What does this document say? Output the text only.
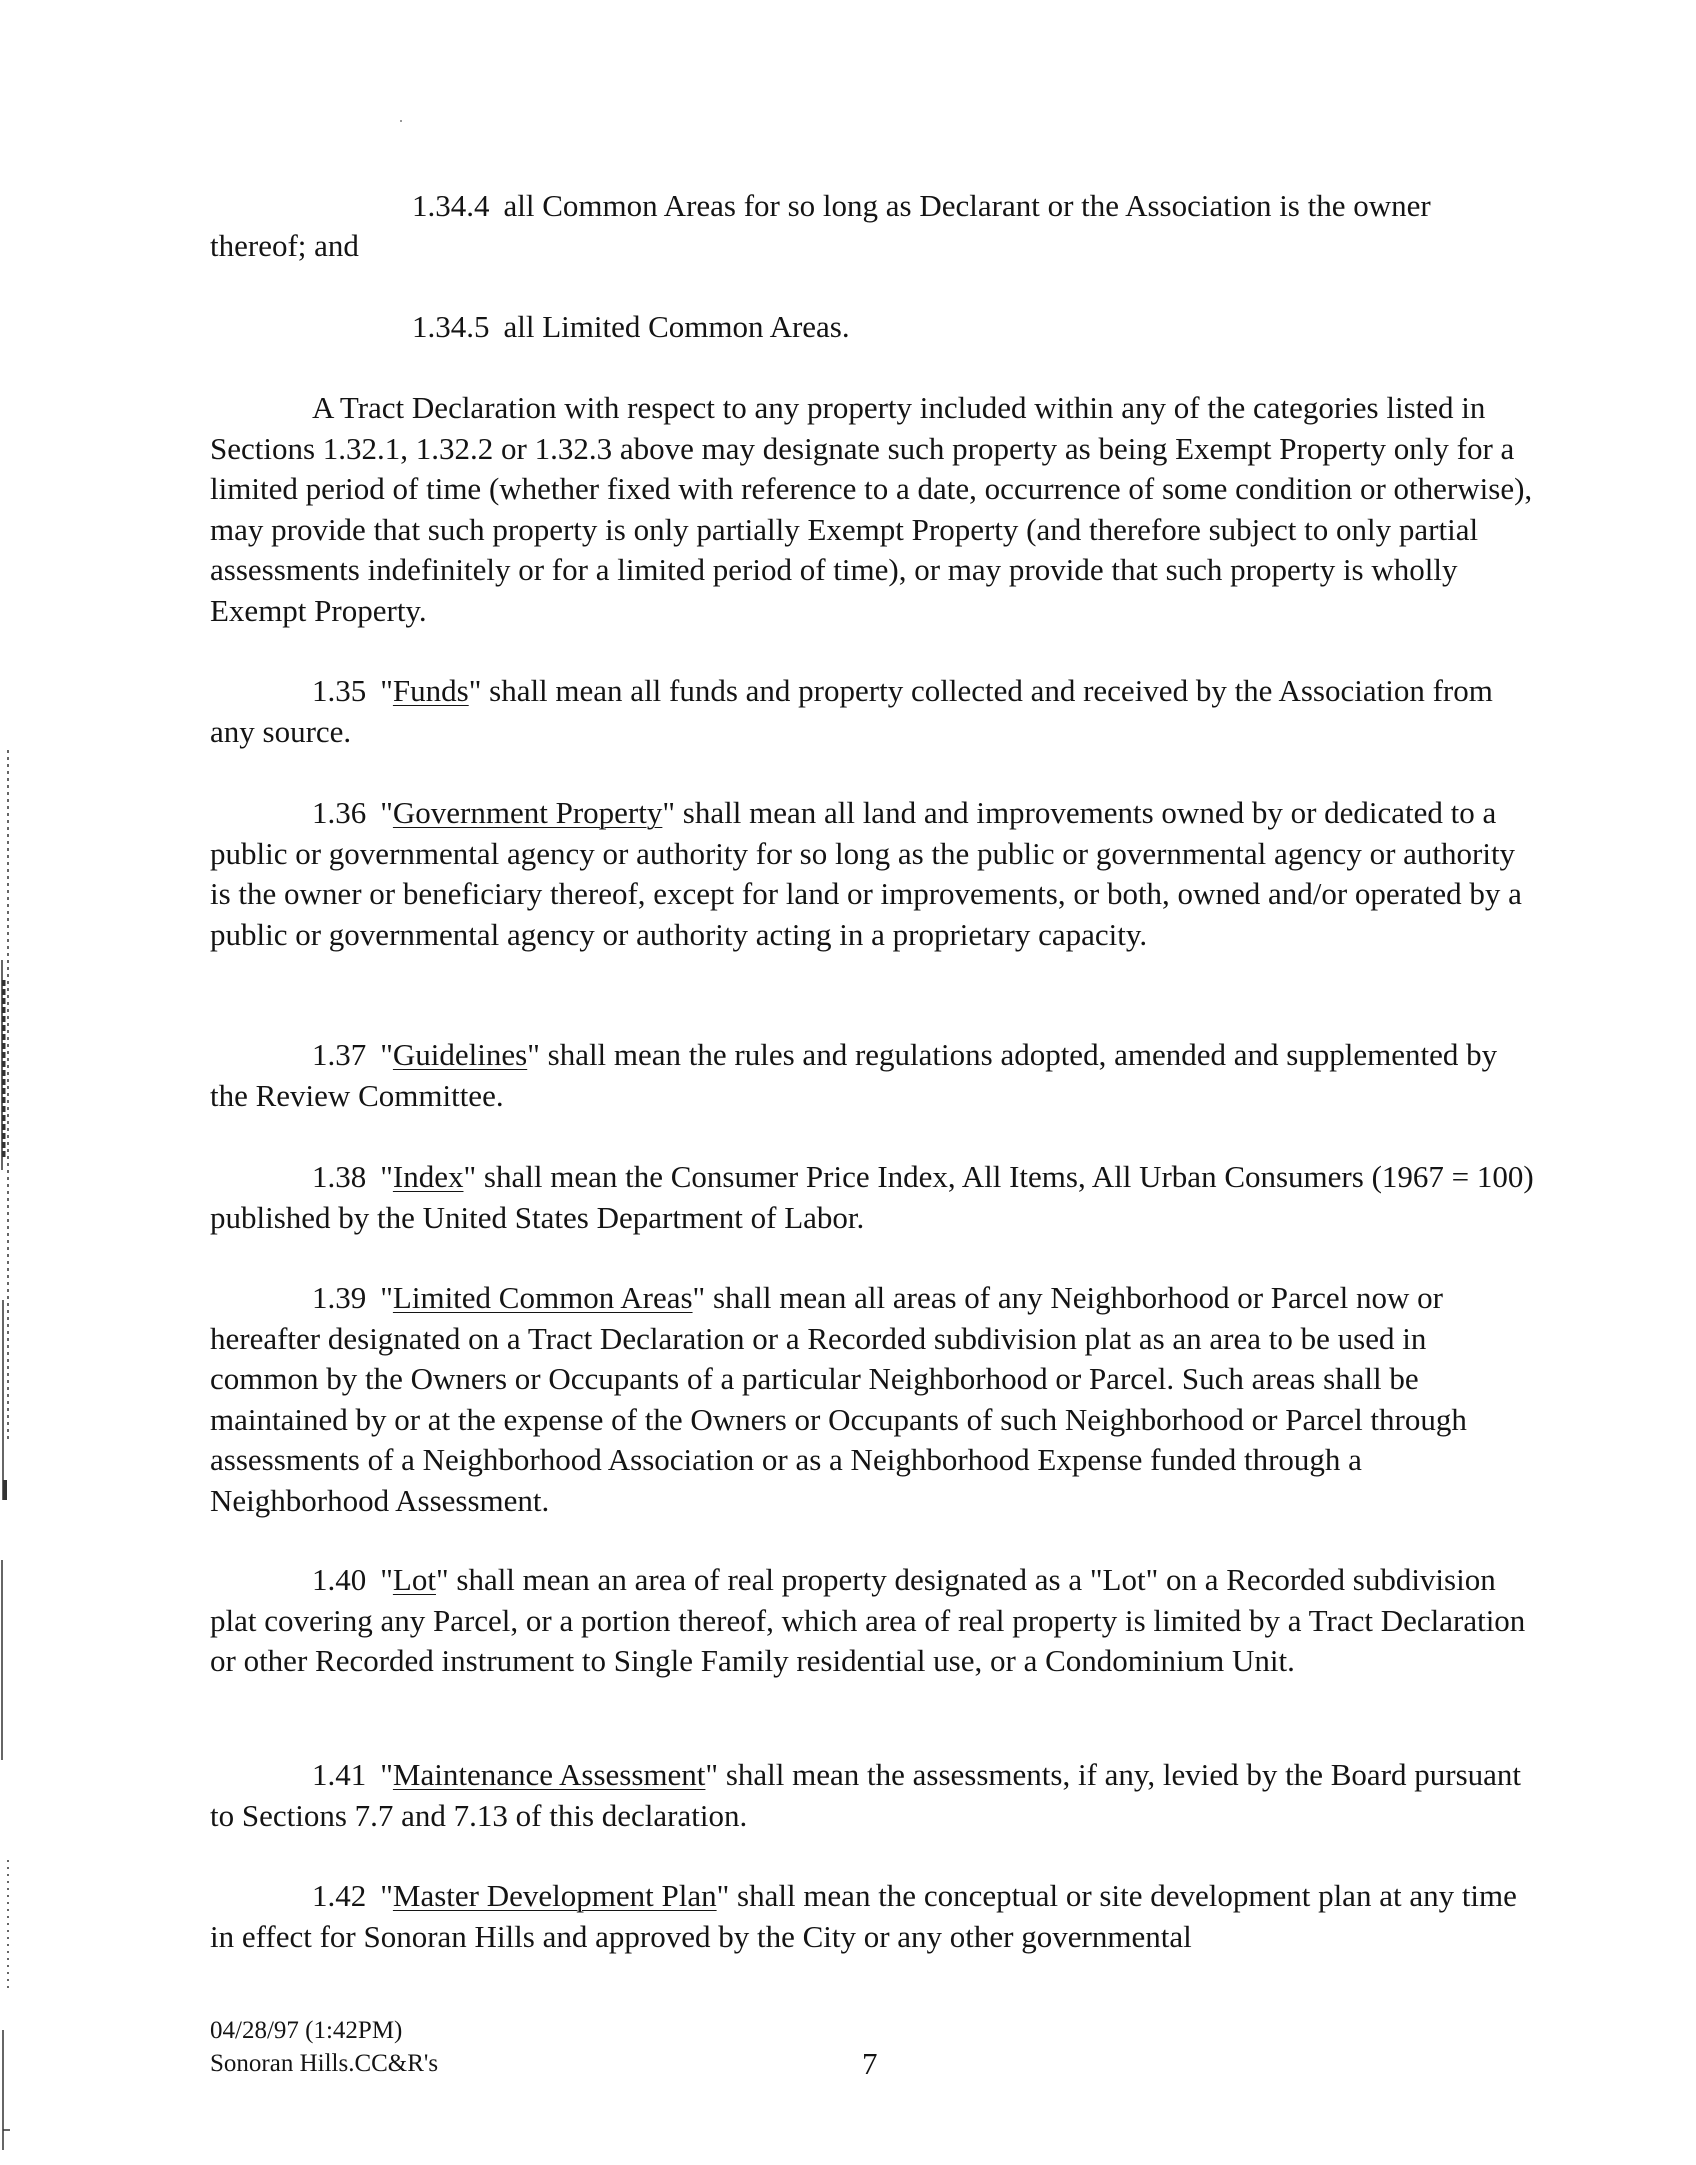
1.34.4 all Common Areas for so long as Declarant or the Association is the owner

thereof; and

1.34.5 all Limited Common Areas.

A Tract Declaration with respect to any property included within any of the categories listed in Sections 1.32.1, 1.32.2 or 1.32.3 above may designate such property as being Exempt Property only for a limited period of time (whether fixed with reference to a date, occurrence of some condition or otherwise), may provide that such property is only partially Exempt Property (and therefore subject to only partial assessments indefinitely or for a limited period of time), or may provide that such property is wholly Exempt Property.

1.35 "Funds" shall mean all funds and property collected and received by the Association from any source.

1.36 "Government Property" shall mean all land and improvements owned by or dedicated to a public or governmental agency or authority for so long as the public or governmental agency or authority is the owner or beneficiary thereof, except for land or improvements, or both, owned and/or operated by a public or governmental agency or authority acting in a proprietary capacity.

1.37 "Guidelines" shall mean the rules and regulations adopted, amended and supplemented by the Review Committee.

1.38 "Index" shall mean the Consumer Price Index, All Items, All Urban Consumers (1967 = 100) published by the United States Department of Labor.

1.39 "Limited Common Areas" shall mean all areas of any Neighborhood or Parcel now or hereafter designated on a Tract Declaration or a Recorded subdivision plat as an area to be used in common by the Owners or Occupants of a particular Neighborhood or Parcel. Such areas shall be maintained by or at the expense of the Owners or Occupants of such Neighborhood or Parcel through assessments of a Neighborhood Association or as a Neighborhood Expense funded through a Neighborhood Assessment.

1.40 "Lot" shall mean an area of real property designated as a "Lot" on a Recorded subdivision plat covering any Parcel, or a portion thereof, which area of real property is limited by a Tract Declaration or other Recorded instrument to Single Family residential use, or a Condominium Unit.

1.41 "Maintenance Assessment" shall mean the assessments, if any, levied by the Board pursuant to Sections 7.7 and 7.13 of this declaration.

1.42 "Master Development Plan" shall mean the conceptual or site development plan at any time in effect for Sonoran Hills and approved by the City or any other governmental

04/28/97 (1:42PM)
Sonoran Hills.CC&R's	7
